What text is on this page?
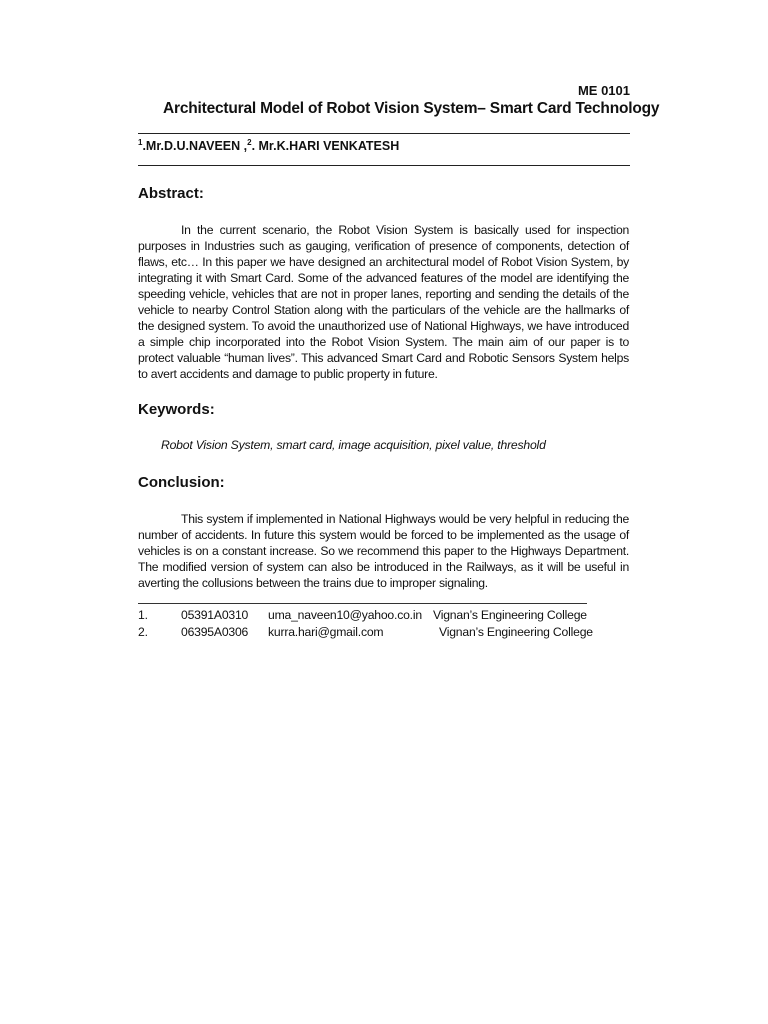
ME 0101
Architectural Model of Robot Vision System– Smart Card Technology
$^1$.Mr.D.U.NAVEEN ,$^2$. Mr.K.HARI VENKATESH
Abstract:

In the current scenario, the Robot Vision System is basically used for inspection purposes in Industries such as gauging, verification of presence of components, detection of flaws, etc… In this paper we have designed an architectural model of Robot Vision System, by integrating it with Smart Card. Some of the advanced features of the model are identifying the speeding vehicle, vehicles that are not in proper lanes, reporting and sending the details of the vehicle to nearby Control Station along with the particulars of the vehicle are the hallmarks of the designed system. To avoid the unauthorized use of National Highways, we have introduced a simple chip incorporated into the Robot Vision System. The main aim of our paper is to protect valuable “human lives”. This advanced Smart Card and Robotic Sensors System helps to avert accidents and damage to public property in future.

Keywords:
Robot Vision System, smart card, image acquisition, pixel value, threshold
Conclusion:

This system if implemented in National Highways would be very helpful in reducing the number of accidents. In future this system would be forced to be implemented as the usage of vehicles is on a constant increase. So we recommend this paper to the Highways Department. The modified version of system can also be introduced in the Railways, as it will be useful in averting the collusions between the trains due to improper signaling.

1.	05391A0310 uma_naveen10@yahoo.co.in Vignan’s Engineering College
2.	06395A0306 kurra.hari@gmail.com	Vignan’s Engineering College
